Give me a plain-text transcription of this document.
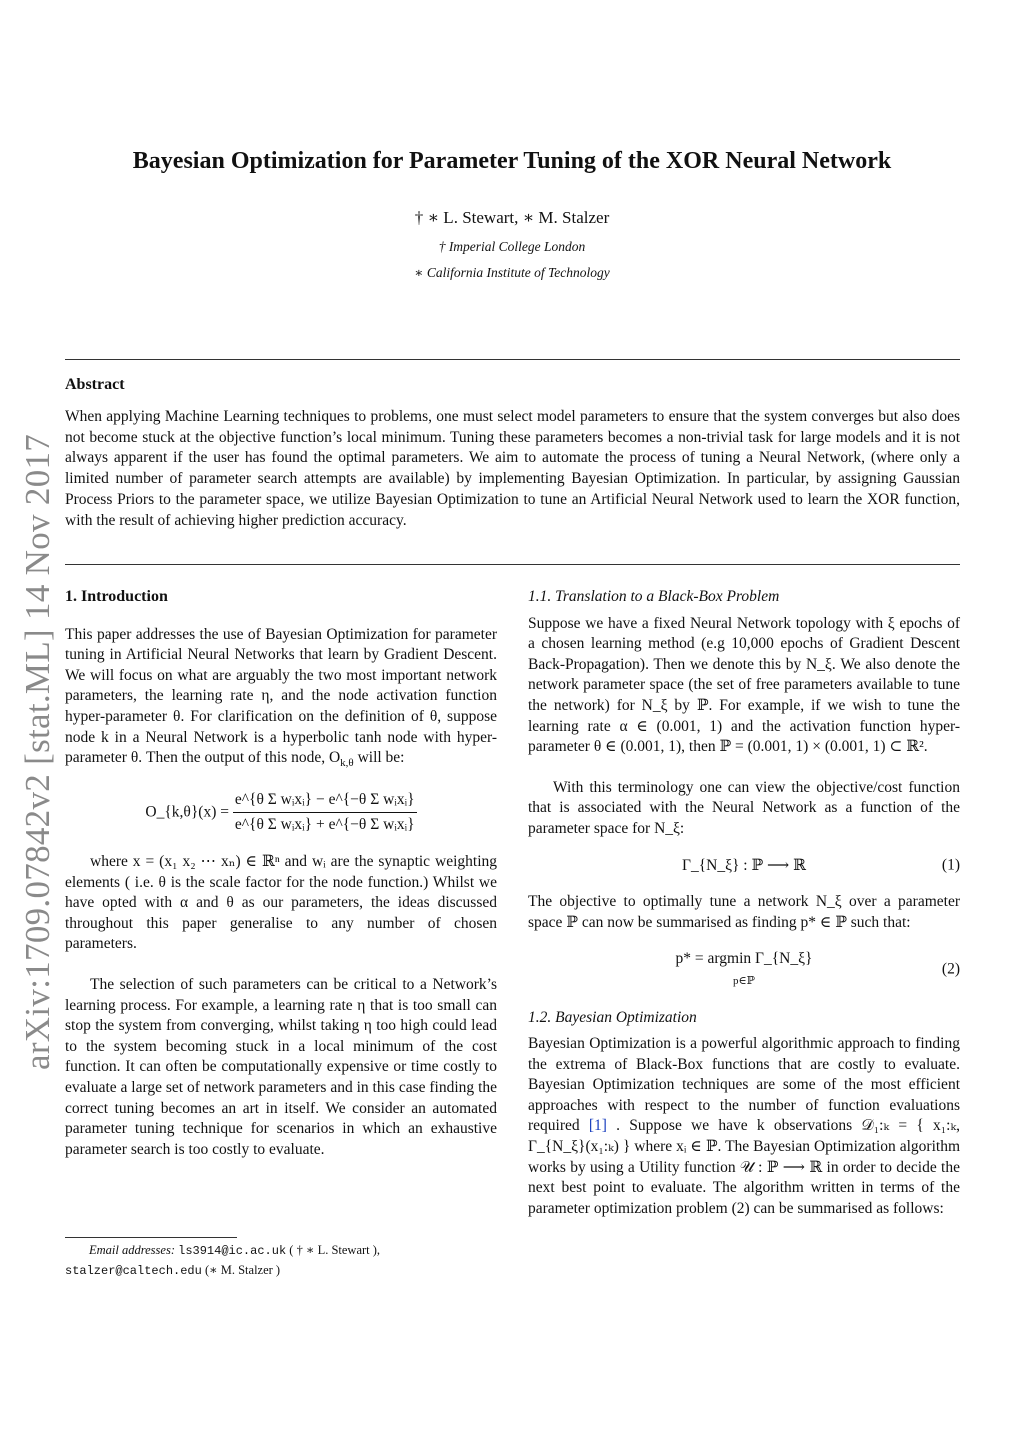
arXiv:1709.07842v2 [stat.ML] 14 Nov 2017
Bayesian Optimization for Parameter Tuning of the XOR Neural Network
† ∗ L. Stewart, ∗ M. Stalzer
† Imperial College London
∗ California Institute of Technology
Abstract
When applying Machine Learning techniques to problems, one must select model parameters to ensure that the system converges but also does not become stuck at the objective function’s local minimum. Tuning these parameters becomes a non-trivial task for large models and it is not always apparent if the user has found the optimal parameters. We aim to automate the process of tuning a Neural Network, (where only a limited number of parameter search attempts are available) by implementing Bayesian Optimization. In particular, by assigning Gaussian Process Priors to the parameter space, we utilize Bayesian Optimization to tune an Artificial Neural Network used to learn the XOR function, with the result of achieving higher prediction accuracy.
1. Introduction

This paper addresses the use of Bayesian Optimization for parameter tuning in Artificial Neural Networks that learn by Gradient Descent. We will focus on what are arguably the two most important network parameters, the learning rate η, and the node activation function hyper-parameter θ. For clarification on the definition of θ, suppose node k in a Neural Network is a hyperbolic tanh node with hyper-parameter θ. Then the output of this node, $O_{k,\theta}$ will be:

O_{k,θ}(x) = $\frac{\text{e\textasciicircum{}\{θ Σ wᵢxᵢ\} − e\textasciicircum{}\{−θ Σ wᵢxᵢ\}}}{\text{e\textasciicircum{}\{θ Σ wᵢxᵢ\} + e\textasciicircum{}\{−θ Σ wᵢxᵢ\}}}$

where x = (x₁ x₂ ⋯ xₙ) ∈ ℝⁿ and wᵢ are the synaptic weighting elements ( i.e. θ is the scale factor for the node function.) Whilst we have opted with α and θ as our parameters, the ideas discussed throughout this paper generalise to any number of chosen parameters.

The selection of such parameters can be critical to a Network’s learning process. For example, a learning rate η that is too small can stop the system from converging, whilst taking η too high could lead to the system becoming stuck in a local minimum of the cost function. It can often be computationally expensive or time costly to evaluate a large set of network parameters and in this case finding the correct tuning becomes an art in itself. We consider an automated parameter tuning technique for scenarios in which an exhaustive parameter search is too costly to evaluate.

1.1. Translation to a Black-Box Problem

Suppose we have a fixed Neural Network topology with ξ epochs of a chosen learning method (e.g 10,000 epochs of Gradient Descent Back-Propagation). Then we denote this by N_ξ. We also denote the network parameter space (the set of free parameters available to tune the network) for N_ξ by ℙ. For example, if we wish to tune the learning rate α ∈ (0.001, 1) and the activation function hyper-parameter θ ∈ (0.001, 1), then ℙ = (0.001, 1) × (0.001, 1) ⊂ ℝ².

With this terminology one can view the objective/cost function that is associated with the Neural Network as a function of the parameter space for N_ξ:

Γ_{N_ξ} : ℙ ⟶ ℝ	(1)

The objective to optimally tune a network N_ξ over a parameter space ℙ can now be summarised as finding p* ∈ ℙ such that:

p* = argmin Γ_{N_ξ}
p∈ℙ
(2)
1.2. Bayesian Optimization

Bayesian Optimization is a powerful algorithmic approach to finding the extrema of Black-Box functions that are costly to evaluate. Bayesian Optimization techniques are some of the most efficient approaches with respect to the number of function evaluations required [1] . Suppose we have k observations 𝒟₁:ₖ = { x₁:ₖ, Γ_{N_ξ}(x₁:ₖ) } where xᵢ ∈ ℙ. The Bayesian Optimization algorithm works by using a Utility function 𝒰 : ℙ ⟶ ℝ in order to decide the next best point to evaluate. The algorithm written in terms of the parameter optimization problem (2) can be summarised as follows:

Email addresses: ls3914@ic.ac.uk ( † ∗ L. Stewart ),
stalzer@caltech.edu (∗ M. Stalzer )
